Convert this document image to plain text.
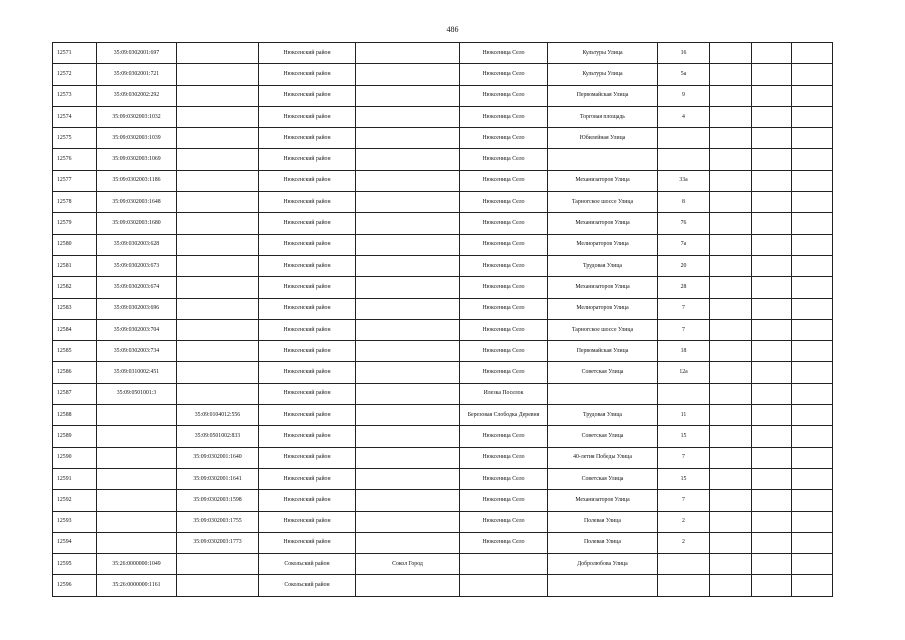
486
12571	35:09:0302001:697		Нюксенский район		Нюксеница Село	Культуры Улица	16			
12572	35:09:0302001:721		Нюксенский район		Нюксеница Село	Культуры Улица	5а			
12573	35:09:0302002:292		Нюксенский район		Нюксеница Село	Первомайская Улица	9			
12574	35:09:0302003:1032		Нюксенский район		Нюксеница Село	Торговая площадь	4			
12575	35:09:0302003:1039		Нюксенский район		Нюксеница Село	Юбилейная Улица				
12576	35:09:0302003:1069		Нюксенский район		Нюксеница Село					
12577	35:09:0302003:1186		Нюксенский район		Нюксеница Село	Механизаторов Улица	33а			
12578	35:09:0302003:1648		Нюксенский район		Нюксеница Село	Тарногское шоссе Улица	8			
12579	35:09:0302003:1680		Нюксенский район		Нюксеница Село	Механизаторов Улица	76			
12580	35:09:0302003:628		Нюксенский район		Нюксеница Село	Мелиораторов Улица	7а			
12581	35:09:0302003:673		Нюксенский район		Нюксеница Село	Трудовая Улица	20			
12582	35:09:0302003:674		Нюксенский район		Нюксеница Село	Механизаторов Улица	28			
12583	35:09:0302003:696		Нюксенский район		Нюксеница Село	Мелиораторов Улица	7			
12584	35:09:0302003:704		Нюксенский район		Нюксеница Село	Тарногское шоссе Улица	7			
12585	35:09:0302003:734		Нюксенский район		Нюксеница Село	Первомайская Улица	18			
12586	35:09:0310002:451		Нюксенский район		Нюксеница Село	Советская Улица	12а			
12587	35:09:0501001:3		Нюксенский район		Илезка Поселок					
12588		35:09:0104012:556	Нюксенский район		Березовая Слободка Деревня	Трудовая Улица	11			
12589		35:09:0501002:833	Нюксенский район		Нюксеница Село	Советская Улица	15			
12590		35:09:0302001:1640	Нюксенский район		Нюксеница Село	40-летия Победы Улица	7			
12591		35:09:0302001:1641	Нюксенский район		Нюксеница Село	Советская Улица	15			
12592		35:09:0302003:1598	Нюксенский район		Нюксеница Село	Механизаторов Улица	7			
12593		35:09:0302003:1755	Нюксенский район		Нюксеница Село	Полевая Улица	2			
12594		35:09:0302003:1773	Нюксенский район		Нюксеница Село	Полевая Улица	2			
12595	35:26:0000000:1049		Сокольский район	Сокол Город		Добролюбова Улица				
12596	35:26:0000000:1161		Сокольский район							
